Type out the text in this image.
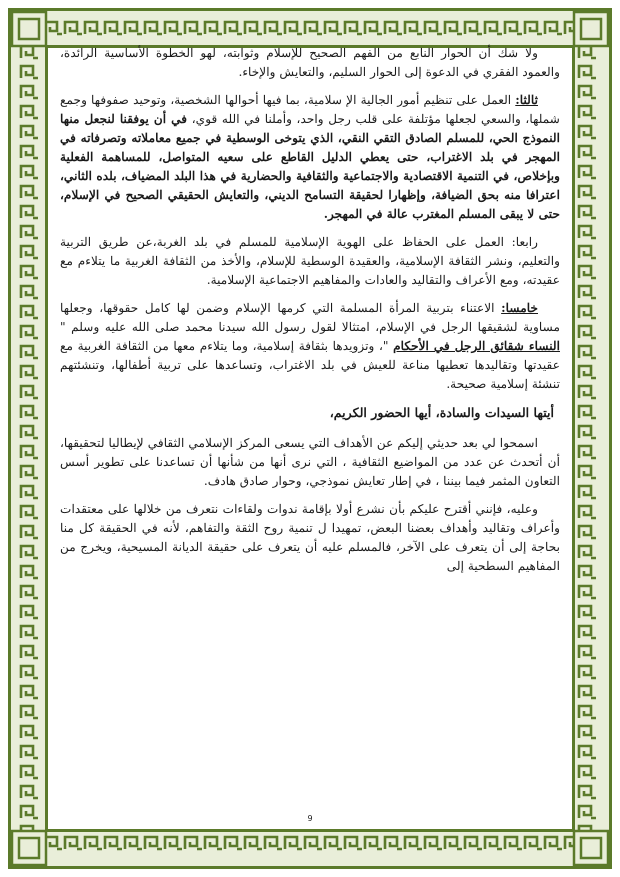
ولا شك أن الحوار النابع من الفهم الصحيح للإسلام وثوابته، لهو الخطوة الأساسية الرائدة، والعمود الفقري في الدعوة إلى الحوار السليم، والتعايش والإخاء.

ثالثا: العمل على تنظيم أمور الجالية الإ سلامية، بما فيها أحوالها الشخصية، وتوحيد صفوفها وجمع شملها، والسعي لجعلها مؤتلفة على قلب رجل واحد، وأملنا في الله قوي، في أن يوفقنا لنجعل منها النموذج الحي، للمسلم الصادق التقي النقي، الذي يتوخى الوسطية في جميع معاملاته وتصرفاته في المهجر في بلد الاغتراب، حتى يعطي الدليل القاطع على سعيه المتواصل، للمساهمة الفعلية وبإخلاص، في التنمية الاقتصادية والاجتماعية والثقافية والحضارية في هذا البلد المضياف، بلده الثاني، اعترافا منه بحق الضيافة، وإظهارا لحقيقة التسامح الديني، والتعايش الحقيقي الصحيح في الإسلام، حتى لا يبقى المسلم المغترب عالة في المهجر.

رابعا: العمل على الحفاظ على الهوية الإسلامية للمسلم في بلد الغربة،عن طريق التربية والتعليم، ونشر الثقافة الإسلامية، والعقيدة الوسطية للإسلام، والأخذ من الثقافة الغربية ما يتلاءم مع عقيدته، ومع الأعراف والتقاليد والعادات والمفاهيم الاجتماعية الإسلامية.

خامسا: الاعتناء بتربية المرأة المسلمة التي كرمها الإسلام وضمن لها كامل حقوقها، وجعلها مساوية لشقيقها الرجل في الإسلام، امتثالا لقول رسول الله سيدنا محمد صلى الله عليه وسلم " النساء شقائق الرجل في الأحكام "، وتزويدها بثقافة إسلامية، وما يتلاءم معها من الثقافة الغربية مع عقيدتها وتقاليدها تعطيها مناعة للعيش في بلد الاغتراب، وتساعدها على تربية أطفالها، وتنشئتهم تنشئة إسلامية صحيحة.

أيتها السيدات والسادة، أيها الحضور الكريم،

اسمحوا لي بعد حديثي إليكم عن الأهداف التي يسعى المركز الإسلامي الثقافي لإيطاليا لتحقيقها، أن أتحدث عن عدد من المواضيع الثقافية ، التي نرى أنها من شأنها أن تساعدنا على تطوير أسس التعاون المثمر فيما بيننا ، في إطار تعايش نموذجي، وحوار صادق هادف.

وعليه، فإنني أقترح عليكم بأن نشرع أولا بإقامة ندوات ولقاءات نتعرف من خلالها على معتقدات وأعراف وتقاليد وأهداف بعضنا البعض، تمهيدا ل تنمية روح الثقة والتفاهم، لأنه في الحقيقة كل منا بحاجة إلى أن يتعرف على الآخر، فالمسلم عليه أن يتعرف على حقيقة الديانة المسيحية، ويخرج من المفاهيم السطحية إلى

9
